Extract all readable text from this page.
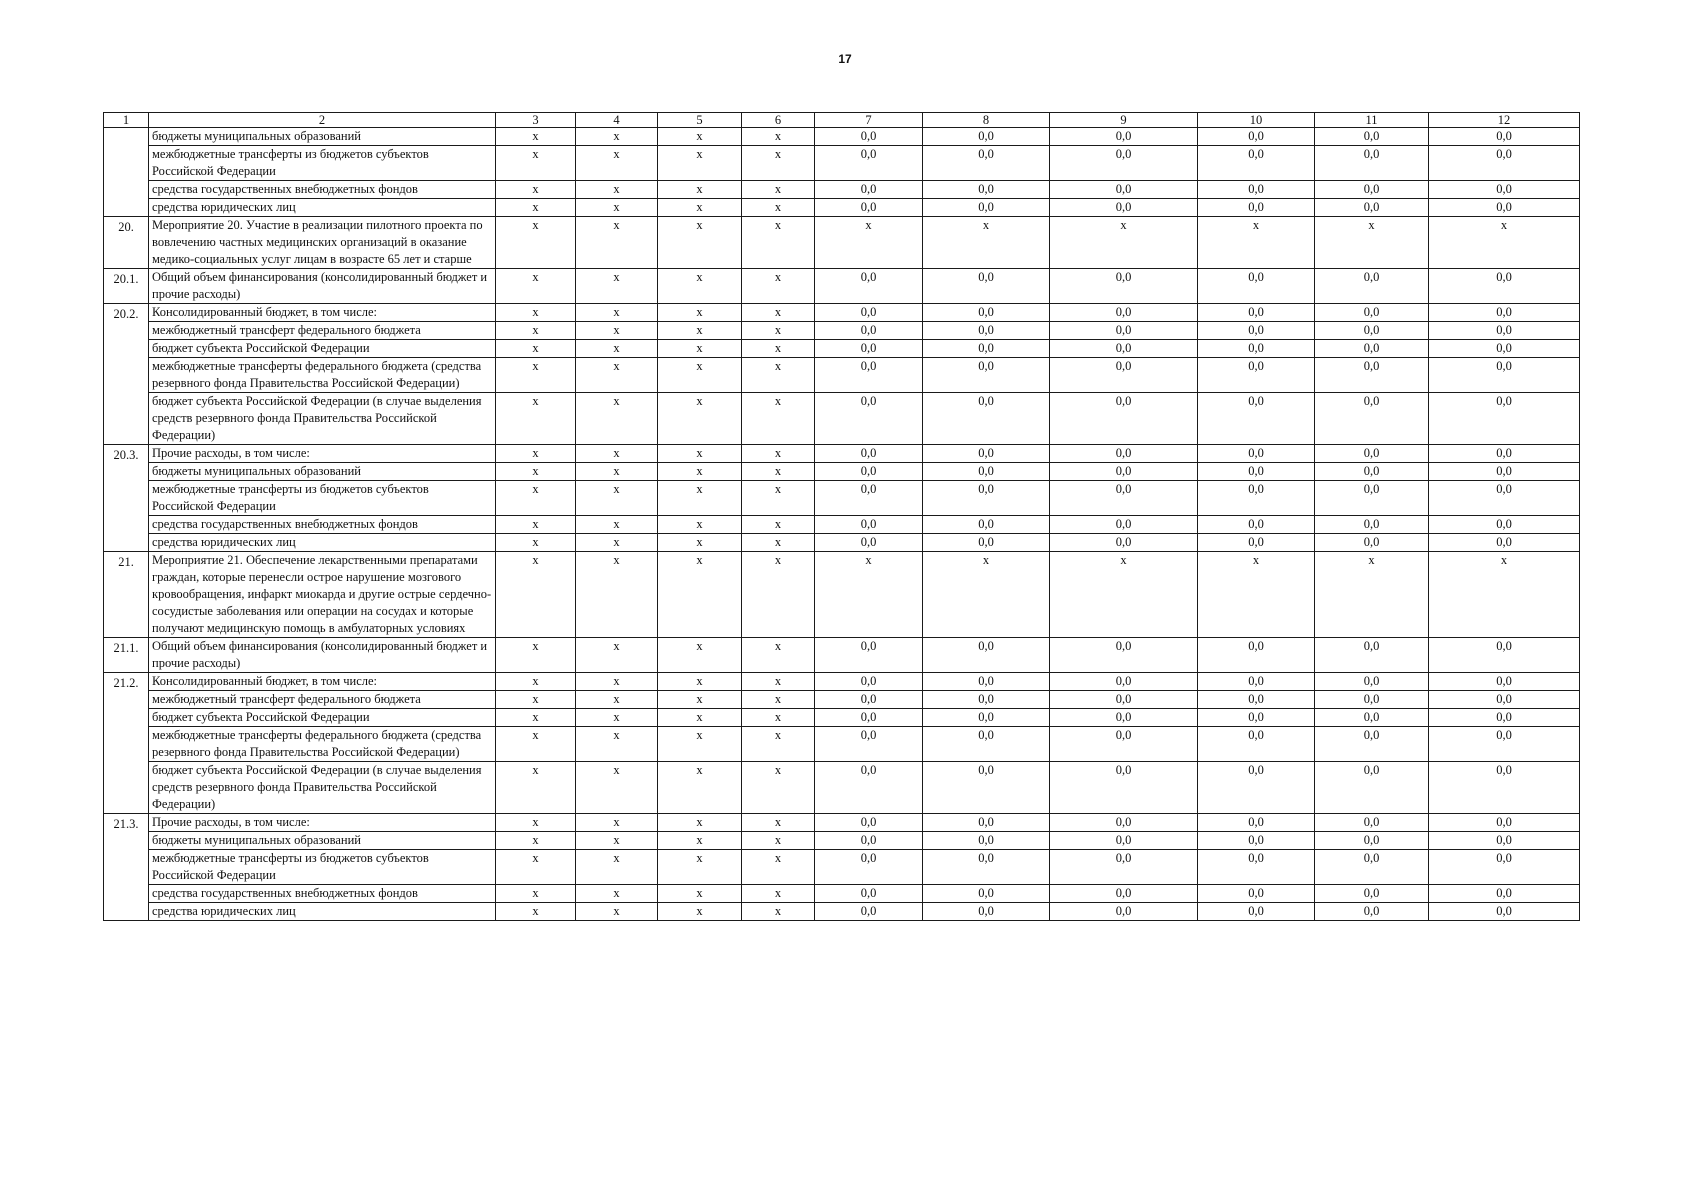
17
1	2	3	4	5	6	7	8	9	10	11	12
	бюджеты муниципальных образований	x	x	x	x	0,0	0,0	0,0	0,0	0,0	0,0
	межбюджетные трансферты из бюджетов субъектов Российской Федерации	x	x	x	x	0,0	0,0	0,0	0,0	0,0	0,0
	средства государственных внебюджетных фондов	x	x	x	x	0,0	0,0	0,0	0,0	0,0	0,0
	средства юридических лиц	x	x	x	x	0,0	0,0	0,0	0,0	0,0	0,0
20.	Мероприятие 20. Участие в реализации пилотного проекта по вовлечению частных медицинских организаций в оказание медико-социальных услуг лицам в возрасте 65 лет и старше	x	x	x	x	x	x	x	x	x	x
20.1.	Общий объем финансирования (консолидированный бюджет и прочие расходы)	x	x	x	x	0,0	0,0	0,0	0,0	0,0	0,0
20.2.	Консолидированный бюджет, в том числе:	x	x	x	x	0,0	0,0	0,0	0,0	0,0	0,0
	межбюджетный трансферт федерального бюджета	x	x	x	x	0,0	0,0	0,0	0,0	0,0	0,0
	бюджет субъекта Российской Федерации	x	x	x	x	0,0	0,0	0,0	0,0	0,0	0,0
	межбюджетные трансферты федерального бюджета (средства резервного фонда Правительства Российской Федерации)	x	x	x	x	0,0	0,0	0,0	0,0	0,0	0,0
	бюджет субъекта Российской Федерации (в случае выделения средств резервного фонда Правительства Российской Федерации)	x	x	x	x	0,0	0,0	0,0	0,0	0,0	0,0
20.3.	Прочие расходы, в том числе:	x	x	x	x	0,0	0,0	0,0	0,0	0,0	0,0
	бюджеты муниципальных образований	x	x	x	x	0,0	0,0	0,0	0,0	0,0	0,0
	межбюджетные трансферты из бюджетов субъектов Российской Федерации	x	x	x	x	0,0	0,0	0,0	0,0	0,0	0,0
	средства государственных внебюджетных фондов	x	x	x	x	0,0	0,0	0,0	0,0	0,0	0,0
	средства юридических лиц	x	x	x	x	0,0	0,0	0,0	0,0	0,0	0,0
21.	Мероприятие 21. Обеспечение лекарственными препаратами граждан, которые перенесли острое нарушение мозгового кровообращения, инфаркт миокарда и другие острые сердечно-сосудистые заболевания или операции на сосудах и которые получают медицинскую помощь в амбулаторных условиях	x	x	x	x	x	x	x	x	x	x
21.1.	Общий объем финансирования (консолидированный бюджет и прочие расходы)	x	x	x	x	0,0	0,0	0,0	0,0	0,0	0,0
21.2.	Консолидированный бюджет, в том числе:	x	x	x	x	0,0	0,0	0,0	0,0	0,0	0,0
	межбюджетный трансферт федерального бюджета	x	x	x	x	0,0	0,0	0,0	0,0	0,0	0,0
	бюджет субъекта Российской Федерации	x	x	x	x	0,0	0,0	0,0	0,0	0,0	0,0
	межбюджетные трансферты федерального бюджета (средства резервного фонда Правительства Российской Федерации)	x	x	x	x	0,0	0,0	0,0	0,0	0,0	0,0
	бюджет субъекта Российской Федерации (в случае выделения средств резервного фонда Правительства Российской Федерации)	x	x	x	x	0,0	0,0	0,0	0,0	0,0	0,0
21.3.	Прочие расходы, в том числе:	x	x	x	x	0,0	0,0	0,0	0,0	0,0	0,0
	бюджеты муниципальных образований	x	x	x	x	0,0	0,0	0,0	0,0	0,0	0,0
	межбюджетные трансферты из бюджетов субъектов Российской Федерации	x	x	x	x	0,0	0,0	0,0	0,0	0,0	0,0
	средства государственных внебюджетных фондов	x	x	x	x	0,0	0,0	0,0	0,0	0,0	0,0
	средства юридических лиц	x	x	x	x	0,0	0,0	0,0	0,0	0,0	0,0
